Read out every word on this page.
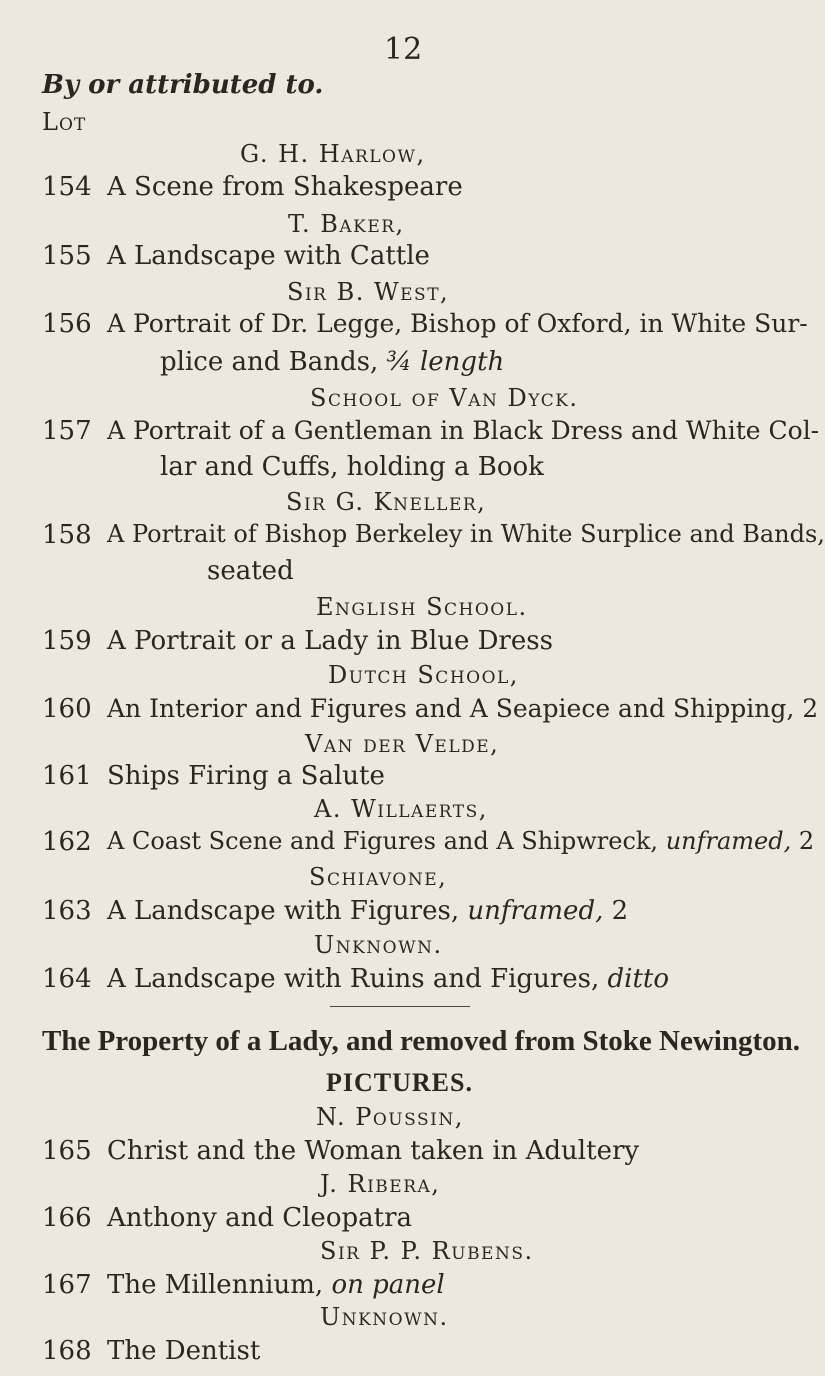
12
By or attributed to.
Lot
G. H. Harlow,
154 A Scene from Shakespeare
T. Baker,
155 A Landscape with Cattle
Sir B. West,
156 A Portrait of Dr. Legge, Bishop of Oxford, in White Sur-
plice and Bands, ¾ length
School of Van Dyck.
157 A Portrait of a Gentleman in Black Dress and White Col-
lar and Cuffs, holding a Book
Sir G. Kneller,
158 A Portrait of Bishop Berkeley in White Surplice and Bands,
seated
English School.
159 A Portrait or a Lady in Blue Dress
Dutch School,
160 An Interior and Figures and A Seapiece and Shipping, 2
Van der Velde,
161 Ships Firing a Salute
A. Willaerts,
162 A Coast Scene and Figures and A Shipwreck, unframed, 2
Schiavone,
163 A Landscape with Figures, unframed, 2
Unknown.
164 A Landscape with Ruins and Figures, ditto
The Property of a Lady, and removed from Stoke Newington.
PICTURES.
N. Poussin,
165 Christ and the Woman taken in Adultery
J. Ribera,
166 Anthony and Cleopatra
Sir P. P. Rubens.
167 The Millennium, on panel
Unknown.
168 The Dentist
